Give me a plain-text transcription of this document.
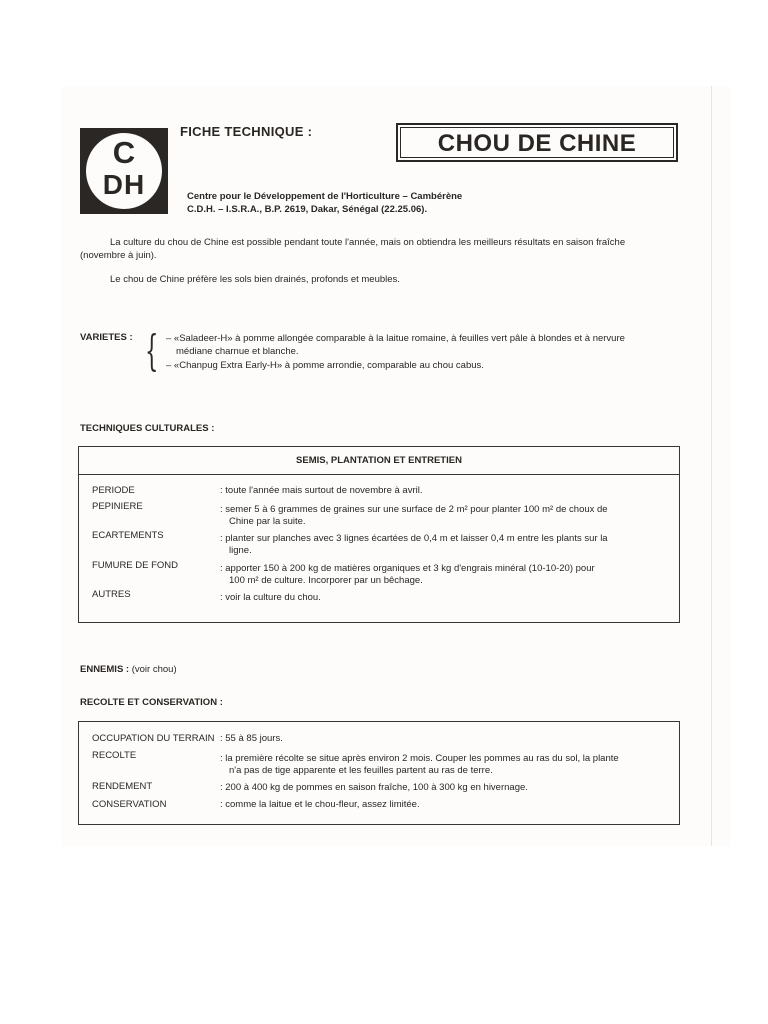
C
DH
FICHE TECHNIQUE :	CHOU DE CHINE
Centre pour le Développement de l'Horticulture – Cambérène
C.D.H. – I.S.R.A., B.P. 2619, Dakar, Sénégal (22.25.06).
La culture du chou de Chine est possible pendant toute l'année, mais on obtiendra les meilleurs résultats en saison fraîche
(novembre à juin).
Le chou de Chine préfère les sols bien drainés, profonds et meubles.
VARIETES : { – «Saladeer-H» à pomme allongée comparable à la laitue romaine, à feuilles vert pâle à blondes et à nervure
médiane charnue et blanche.
– «Chanpug Extra Early-H» à pomme arrondie, comparable au chou cabus.
TECHNIQUES CULTURALES :
SEMIS, PLANTATION ET ENTRETIEN
PERIODE	: toute l'année mais surtout de novembre à avril.
PEPINIERE	: semer 5 à 6 grammes de graines sur une surface de 2 m² pour planter 100 m² de choux de
Chine par la suite.
ECARTEMENTS	: planter sur planches avec 3 lignes écartées de 0,4 m et laisser 0,4 m entre les plants sur la
ligne.
FUMURE DE FOND	: apporter 150 à 200 kg de matières organiques et 3 kg d'engrais minéral (10-10-20) pour
100 m² de culture. Incorporer par un bêchage.
AUTRES	: voir la culture du chou.
ENNEMIS : (voir chou)
RECOLTE ET CONSERVATION :
OCCUPATION DU TERRAIN : 55 à 85 jours.
RECOLTE	: la première récolte se situe après environ 2 mois. Couper les pommes au ras du sol, la plante
n'a pas de tige apparente et les feuilles partent au ras de terre.
RENDEMENT	: 200 à 400 kg de pommes en saison fraîche, 100 à 300 kg en hivernage.
CONSERVATION	: comme la laitue et le chou-fleur, assez limitée.
